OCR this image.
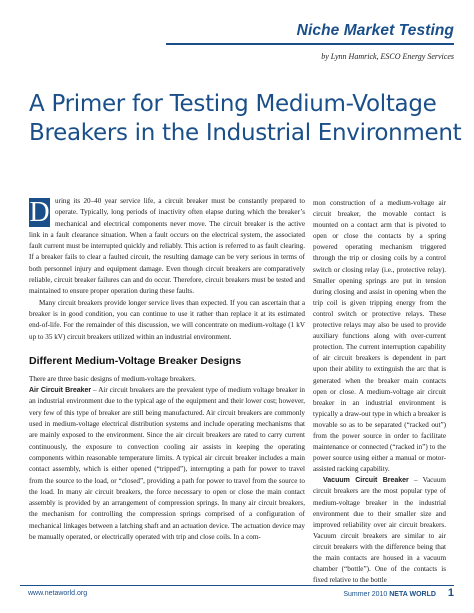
Niche Market Testing
by Lynn Hamrick, ESCO Energy Services
A Primer for Testing Medium-Voltage
Breakers in the Industrial Environment

D uring its 20–40 year service life, a circuit breaker must be constantly prepared to operate. Typically, long periods of inactivity often elapse during which the breaker’s mechanical and electrical components never move. The circuit breaker is the active link in a fault clearance situation. When a fault occurs on the electrical system, the associated fault current must be interrupted quickly and reliably. This action is referred to as fault clearing. If a breaker fails to clear a faulted circuit, the resulting damage can be very serious in terms of both personnel injury and equipment damage. Even though circuit breakers are comparatively reliable, circuit breaker failures can and do occur. Therefore, circuit breakers must be tested and maintained to ensure proper operation during these faults.

Many circuit breakers provide longer service lives than expected. If you can ascertain that a breaker is in good condition, you can continue to use it rather than replace it at its estimated end-of-life. For the remainder of this discussion, we will concentrate on medium-voltage (1 kV up to 35 kV) circuit breakers utilized within an industrial environment.

Different Medium-Voltage Breaker Designs

There are three basic designs of medium-voltage breakers.

Air Circuit Breaker – Air circuit breakers are the prevalent type of medium voltage breaker in an industrial environment due to the typical age of the equipment and their lower cost; however, very few of this type of breaker are still being manufactured. Air circuit breakers are commonly used in medium-voltage electrical distribution systems and include operating mechanisms that are mainly exposed to the environment. Since the air circuit breakers are rated to carry current continuously, the exposure to convection cooling air assists in keeping the operating components within reasonable temperature limits. A typical air circuit breaker includes a main contact assembly, which is either opened (“tripped”), interrupting a path for power to travel from the source to the load, or “closed”, providing a path for power to travel from the source to the load. In many air circuit breakers, the force necessary to open or close the main contact assembly is provided by an arrangement of compression springs. In many air circuit breakers, the mechanism for controlling the compression springs comprised of a configuration of mechanical linkages between a latching shaft and an actuation device. The actuation device may be manually operated, or electrically operated with trip and close coils. In a com-

mon construction of a medium-voltage air circuit breaker, the movable contact is mounted on a contact arm that is pivoted to open or close the contacts by a spring powered operating mechanism triggered through the trip or closing coils by a control switch or closing relay (i.e., protective relay). Smaller opening springs are put in tension during closing and assist in opening when the trip coil is given tripping energy from the control switch or protective relays. These protective relays may also be used to provide auxiliary functions along with over-current protection. The current interruption capability of air circuit breakers is dependent in part upon their ability to extinguish the arc that is generated when the breaker main contacts open or close. A medium-voltage air circuit breaker in an industrial environment is typically a draw-out type in which a breaker is movable so as to be separated (“racked out”) from the power source in order to facilitate maintenance or connected (“racked in”) to the power source using either a manual or motor-assisted racking capability.

Vacuum Circuit Breaker – Vacuum circuit breakers are the most popular type of medium-voltage breaker in the industrial environment due to their smaller size and improved reliability over air circuit breakers. Vacuum circuit breakers are similar to air circuit breakers with the difference being that the main contacts are housed in a vacuum chamber (“bottle”). One of the contacts is fixed relative to the bottle

www.netaworld.org	Summer 2010 NETA WORLD 1
